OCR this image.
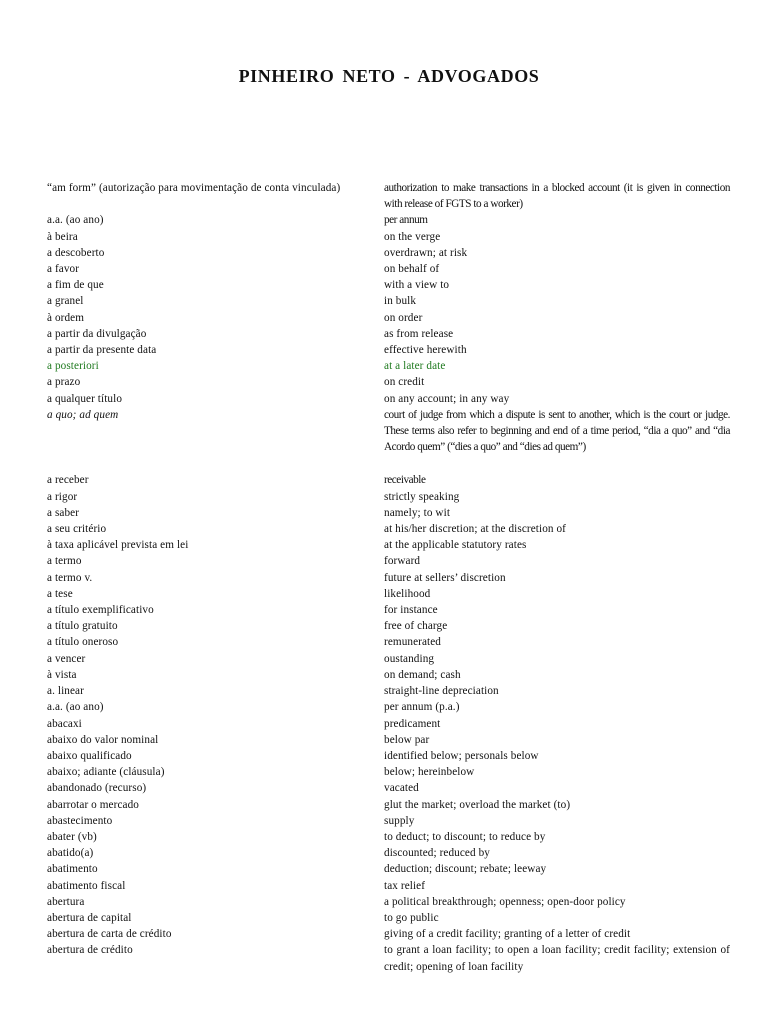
PINHEIRO NETO - ADVOGADOS
“am form” (autorização para movimentação de conta vinculada)	authorization to make transactions in a blocked account (it is given in connection with release of FGTS to a worker)
a.a. (ao ano)	per annum
à beira	on the verge
a descoberto	overdrawn; at risk
a favor	on behalf of
a fim de que	with a view to
a granel	in bulk
à ordem	on order
a partir da divulgação	as from release
a partir da presente data	effective herewith
a posteriori	at a later date
a prazo	on credit
a qualquer título	on any account; in any way
a quo; ad quem	court of judge from which a dispute is sent to another, which is the court or judge. These terms also refer to beginning and end of a time period, “dia a quo” and “dia Acordo quem” (“dies a quo” and “dies ad quem”)
a receber	receivable
a rigor	strictly speaking
a saber	namely; to wit
a seu critério	at his/her discretion; at the discretion of
à taxa aplicável prevista em lei	at the applicable statutory rates
a termo	forward
a termo v.	future at sellers’ discretion
a tese	likelihood
a título exemplificativo	for instance
a título gratuito	free of charge
a título oneroso	remunerated
a vencer	oustanding
à vista	on demand; cash
a. linear	straight-line depreciation
a.a. (ao ano)	per annum (p.a.)
abacaxi	predicament
abaixo do valor nominal	below par
abaixo qualificado	identified below; personals below
abaixo; adiante (cláusula)	below; hereinbelow
abandonado (recurso)	vacated
abarrotar o mercado	glut the market; overload the market (to)
abastecimento	supply
abater (vb)	to deduct; to discount; to reduce by
abatido(a)	discounted; reduced by
abatimento	deduction; discount; rebate; leeway
abatimento fiscal	tax relief
abertura	a political breakthrough; openness; open-door policy
abertura de capital	to go public
abertura de carta de crédito	giving of a credit facility; granting of a letter of credit
abertura de crédito	to grant a loan facility; to open a loan facility; credit facility; extension of credit; opening of loan facility
